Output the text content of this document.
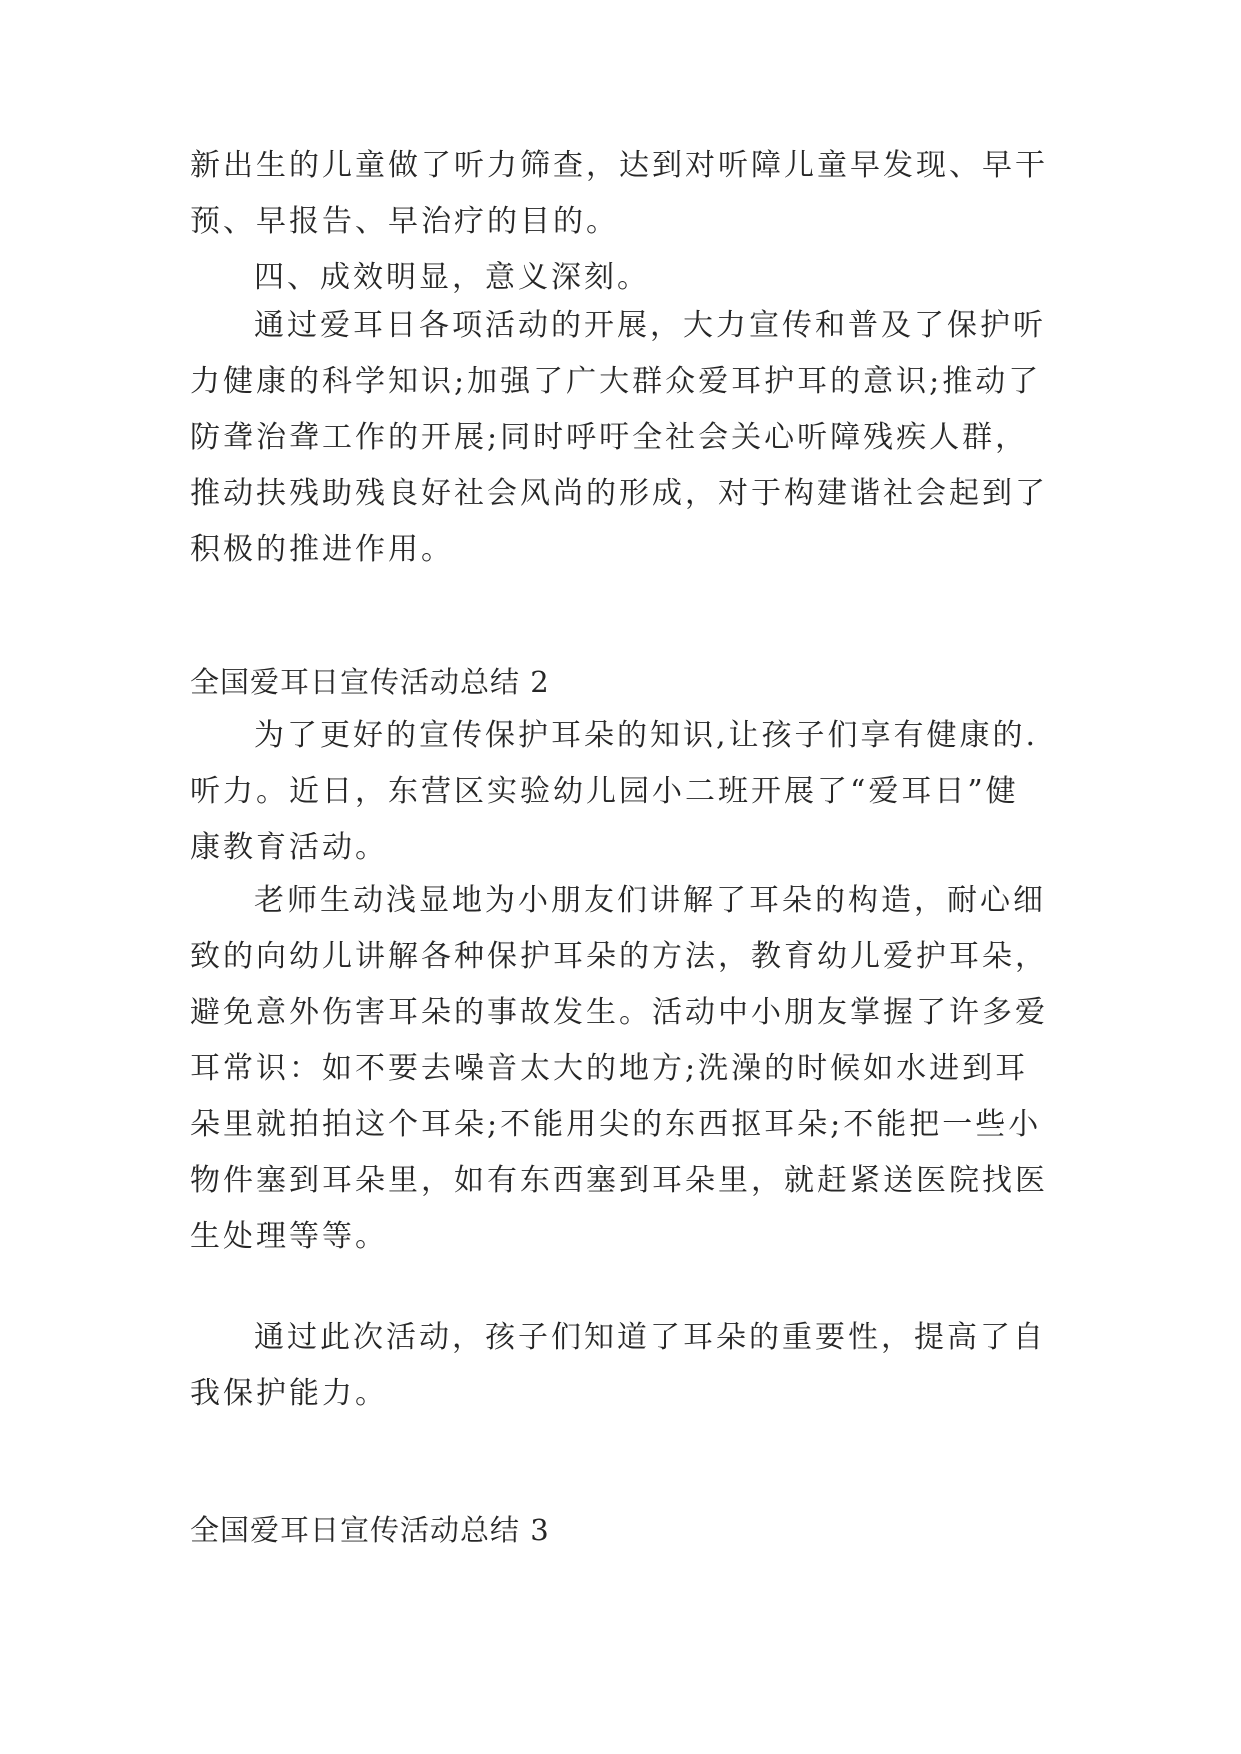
新出生的儿童做了听力筛查，达到对听障儿童早发现、早干
预、早报告、早治疗的目的。
四、成效明显，意义深刻。
通过爱耳日各项活动的开展，大力宣传和普及了保护听
力健康的科学知识;加强了广大群众爱耳护耳的意识;推动了
防聋治聋工作的开展;同时呼吁全社会关心听障残疾人群，
推动扶残助残良好社会风尚的形成，对于构建谐社会起到了
积极的推进作用。
全国爱耳日宣传活动总结 2
为了更好的宣传保护耳朵的知识,让孩子们享有健康的.
听力。近日，东营区实验幼儿园小二班开展了“爱耳日”健
康教育活动。
老师生动浅显地为小朋友们讲解了耳朵的构造，耐心细
致的向幼儿讲解各种保护耳朵的方法，教育幼儿爱护耳朵，
避免意外伤害耳朵的事故发生。活动中小朋友掌握了许多爱
耳常识：如不要去噪音太大的地方;洗澡的时候如水进到耳
朵里就拍拍这个耳朵;不能用尖的东西抠耳朵;不能把一些小
物件塞到耳朵里，如有东西塞到耳朵里，就赶紧送医院找医
生处理等等。
通过此次活动，孩子们知道了耳朵的重要性，提高了自
我保护能力。
全国爱耳日宣传活动总结 3
